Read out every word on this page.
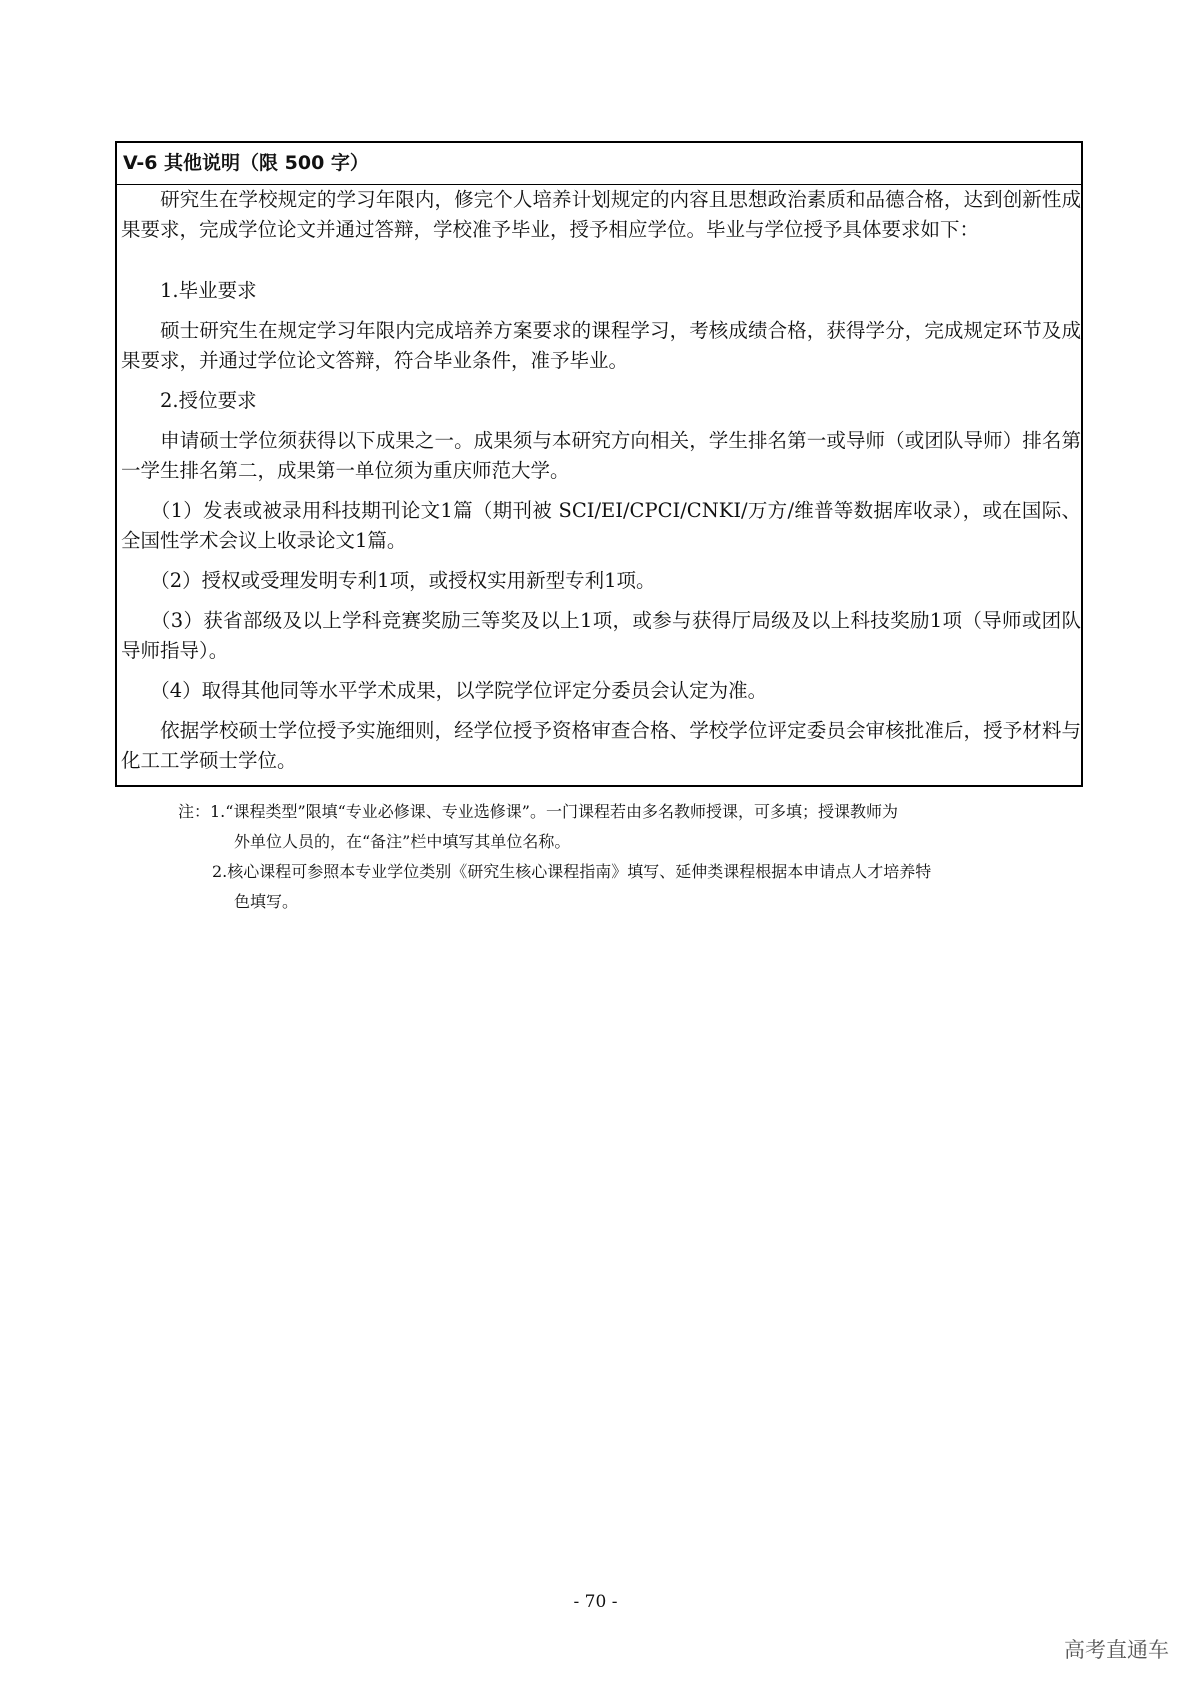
V-6 其他说明（限 500 字）

　　研究生在学校规定的学习年限内，修完个人培养计划规定的内容且思想政治素质和品德合格，达到创新性成果要求，完成学位论文并通过答辩，学校准予毕业，授予相应学位。毕业与学位授予具体要求如下：

　　1.毕业要求

　　硕士研究生在规定学习年限内完成培养方案要求的课程学习，考核成绩合格，获得学分，完成规定环节及成果要求，并通过学位论文答辩，符合毕业条件，准予毕业。

　　2.授位要求

　　申请硕士学位须获得以下成果之一。成果须与本研究方向相关，学生排名第一或导师（或团队导师）排名第一学生排名第二，成果第一单位须为重庆师范大学。

　　（1）发表或被录用科技期刊论文1篇（期刊被 SCI/EI/CPCI/CNKI/万方/维普等数据库收录），或在国际、全国性学术会议上收录论文1篇。

　　（2）授权或受理发明专利1项，或授权实用新型专利1项。

　　（3）获省部级及以上学科竞赛奖励三等奖及以上1项，或参与获得厅局级及以上科技奖励1项（导师或团队导师指导）。

　　（4）取得其他同等水平学术成果，以学院学位评定分委员会认定为准。

　　依据学校硕士学位授予实施细则，经学位授予资格审查合格、学校学位评定委员会审核批准后，授予材料与化工工学硕士学位。

注：1.“课程类型”限填“专业必修课、专业选修课”。一门课程若由多名教师授课，可多填；授课教师为

外单位人员的，在“备注”栏中填写其单位名称。

2.核心课程可参照本专业学位类别《研究生核心课程指南》填写、延伸类课程根据本申请点人才培养特

色填写。

- 70 -
高考直通车
